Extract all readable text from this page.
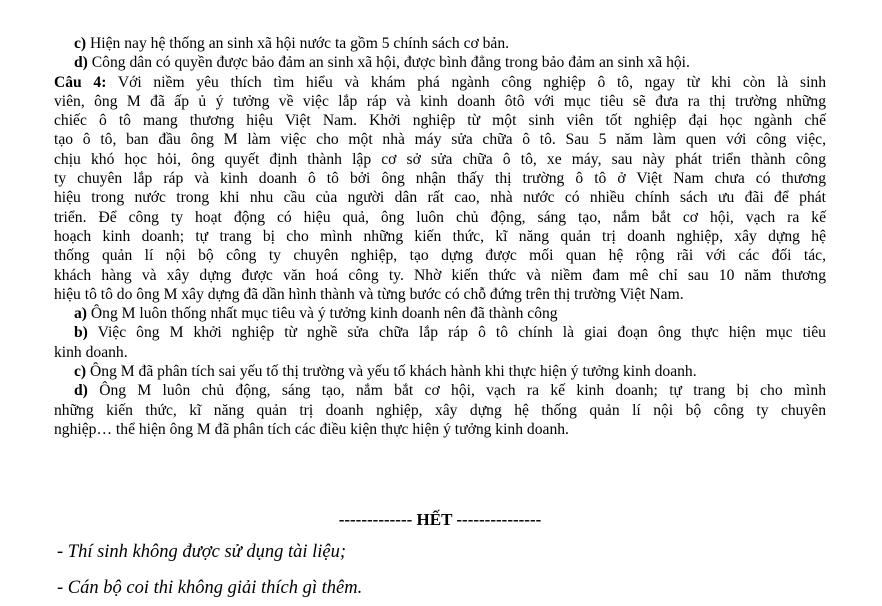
c) Hiện nay hệ thống an sinh xã hội nước ta gồm 5 chính sách cơ bản.
d) Công dân có quyền được bảo đảm an sinh xã hội, được bình đẳng trong bảo đảm an sinh xã hội.
Câu 4: Với niềm yêu thích tìm hiểu và khám phá ngành công nghiệp ô tô, ngay từ khi còn là sinh
viên, ông M đã ấp ủ ý tưởng về việc lắp ráp và kinh doanh ôtô với mục tiêu sẽ đưa ra thị trường những
chiếc ô tô mang thương hiệu Việt Nam. Khởi nghiệp từ một sinh viên tốt nghiệp đại học ngành chế
tạo ô tô, ban đầu ông M làm việc cho một nhà máy sửa chữa ô tô. Sau 5 năm làm quen với công việc,
chịu khó học hỏi, ông quyết định thành lập cơ sở sửa chữa ô tô, xe máy, sau này phát triển thành công
ty chuyên lắp ráp và kinh doanh ô tô bởi ông nhận thấy thị trường ô tô ở Việt Nam chưa có thương
hiệu trong nước trong khi nhu cầu của người dân rất cao, nhà nước có nhiều chính sách ưu đãi để phát
triển. Để công ty hoạt động có hiệu quả, ông luôn chủ động, sáng tạo, nắm bắt cơ hội, vạch ra kế
hoạch kinh doanh; tự trang bị cho mình những kiến thức, kĩ năng quản trị doanh nghiệp, xây dựng hệ
thống quản lí nội bộ công ty chuyên nghiệp, tạo dựng được mối quan hệ rộng rãi với các đối tác,
khách hàng và xây dựng được văn hoá công ty. Nhờ kiến thức và niềm đam mê chỉ sau 10 năm thương
hiệu tô tô do ông M xây dựng đã dần hình thành và từng bước có chỗ đứng trên thị trường Việt Nam.
a) Ông M luôn thống nhất mục tiêu và ý tưởng kinh doanh nên đã thành công
b) Việc ông M khởi nghiệp từ nghề sửa chữa lắp ráp ô tô chính là giai đoạn ông thực hiện mục tiêu
kinh doanh.
c) Ông M đã phân tích sai yếu tố thị trường và yếu tố khách hành khi thực hiện ý tưởng kinh doanh.
d) Ông M luôn chủ động, sáng tạo, nắm bắt cơ hội, vạch ra kế kinh doanh; tự trang bị cho mình
những kiến thức, kĩ năng quản trị doanh nghiệp, xây dựng hệ thống quản lí nội bộ công ty chuyên
nghiệp… thể hiện ông M đã phân tích các điều kiện thực hiện ý tưởng kinh doanh.
------------- HẾT ---------------
- Thí sinh không được sử dụng tài liệu;
- Cán bộ coi thi không giải thích gì thêm.
